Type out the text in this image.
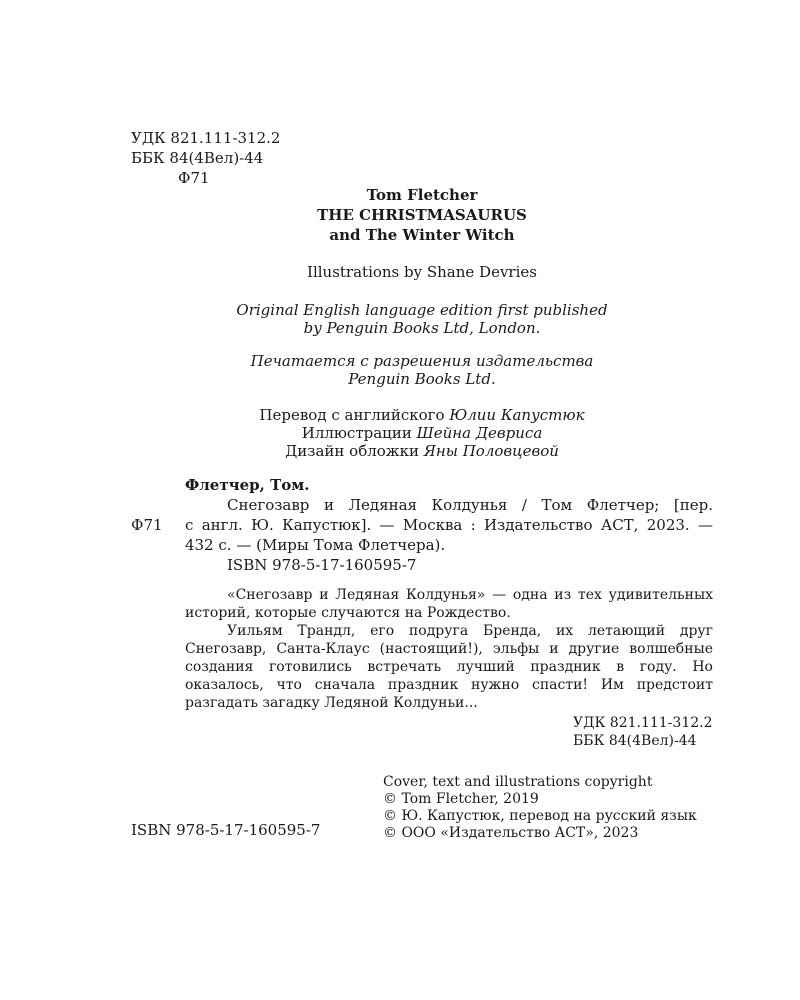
УДК 821.111-312.2
ББК 84(4Вел)-44
Ф71
Tom Fletcher
THE CHRISTMASAURUS
and The Winter Witch
Illustrations by Shane Devries
Original English language edition first published
by Penguin Books Ltd, London.
Печатается с разрешения издательства
Penguin Books Ltd.
Перевод с английского Юлии Капустюк
Иллюстрации Шейна Девриса
Дизайн обложки Яны Половцевой
Флетчер, Том.
Ф71
Снегозавр и Ледяная Колдунья / Том Флетчер; [пер.
с англ. Ю. Капустюк]. — Москва : Издательство АСТ, 2023. —
432 с. — (Миры Тома Флетчера).
ISBN 978-5-17-160595-7
«Снегозавр и Ледяная Колдунья» — одна из тех удивительных
историй, которые случаются на Рождество.
Уильям Трандл, его подруга Бренда, их летающий друг
Снегозавр, Санта-Клаус (настоящий!), эльфы и другие волшебные
создания готовились встречать лучший праздник в году. Но
оказалось, что сначала праздник нужно спасти! Им предстоит
разгадать загадку Ледяной Колдуньи...
УДК 821.111-312.2
ББК 84(4Вел)-44
ISBN 978-5-17-160595-7
Cover, text and illustrations copyright
© Tom Fletcher, 2019
© Ю. Капустюк, перевод на русский язык
© ООО «Издательство АСТ», 2023
